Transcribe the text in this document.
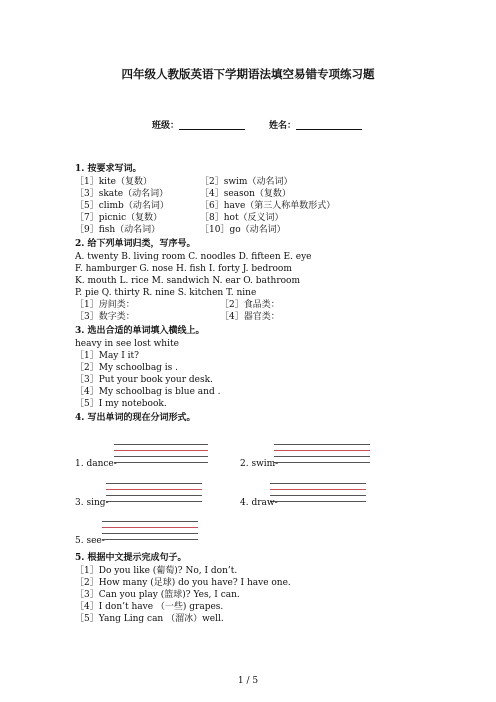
四年级人教版英语下学期语法填空易错专项练习题
班级：	姓名：
1. 按要求写词。
［1］kite（复数）	［2］swim（动名词）
［3］skate（动名词）	［4］season（复数）
［5］climb（动名词）	［6］have（第三人称单数形式）
［7］picnic（复数）	［8］hot（反义词）
［9］fish（动名词）	［10］go（动名词）
2. 给下列单词归类，写序号。
A. twenty B. living room C. noodles D. fifteen E. eye
F. hamburger G. nose H. fish I. forty J. bedroom
K. mouth L. rice M. sandwich N. ear O. bathroom
P. pie Q. thirty R. nine S. kitchen T. nine
［1］房间类：	［2］食品类：
［3］数字类：	［4］器官类：
3. 选出合适的单词填入横线上。
heavy in see lost white
［1］May I it?
［2］My schoolbag is .
［3］Put your book your desk.
［4］My schoolbag is blue and .
［5］I my notebook.
4. 写出单词的现在分词形式。
1. dance-	2. swim-
3. sing-	4. draw-
5. see-
5. 根据中文提示完成句子。
［1］Do you like (葡萄)? No, I don’t.
［2］How many (足球) do you have? I have one.
［3］Can you play (篮球)? Yes, I can.
［4］I don’t have （一些) grapes.
［5］Yang Ling can （溜冰）well.
1 / 5
